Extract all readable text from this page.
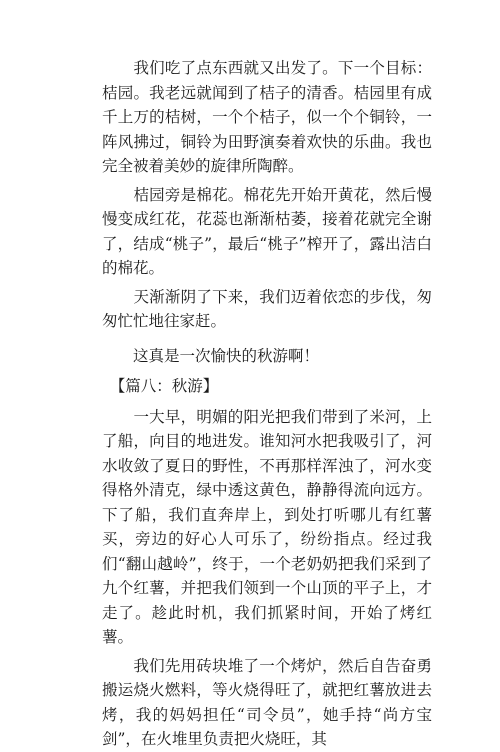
　　我们吃了点东西就又出发了。下一个目标：桔园。我老远就闻到了桔子的清香。桔园里有成千上万的桔树，一个个桔子，似一个个铜铃，一阵风拂过，铜铃为田野演奏着欢快的乐曲。我也完全被着美妙的旋律所陶醉。

　　桔园旁是棉花。棉花先开始开黄花，然后慢慢变成红花，花蕊也渐渐枯萎，接着花就完全谢了，结成“桃子”，最后“桃子”榨开了，露出洁白的棉花。

　　天渐渐阴了下来，我们迈着依恋的步伐，匆匆忙忙地往家赶。

　　这真是一次愉快的秋游啊！

　【篇八：秋游】

　　一大早，明媚的阳光把我们带到了米河，上了船，向目的地进发。谁知河水把我吸引了，河水收敛了夏日的野性，不再那样浑浊了，河水变得格外清克，绿中透这黄色，静静得流向远方。下了船，我们直奔岸上，到处打听哪儿有红薯买，旁边的好心人可乐了，纷纷指点。经过我们“翻山越岭”，终于，一个老奶奶把我们采到了九个红薯，并把我们领到一个山顶的平子上，才走了。趁此时机，我们抓紧时间，开始了烤红薯。

　　我们先用砖块堆了一个烤炉，然后自告奋勇搬运烧火燃料，等火烧得旺了，就把红薯放进去烤，我的妈妈担任“司令员”，她手持“尚方宝剑”，在火堆里负责把火烧旺，其
